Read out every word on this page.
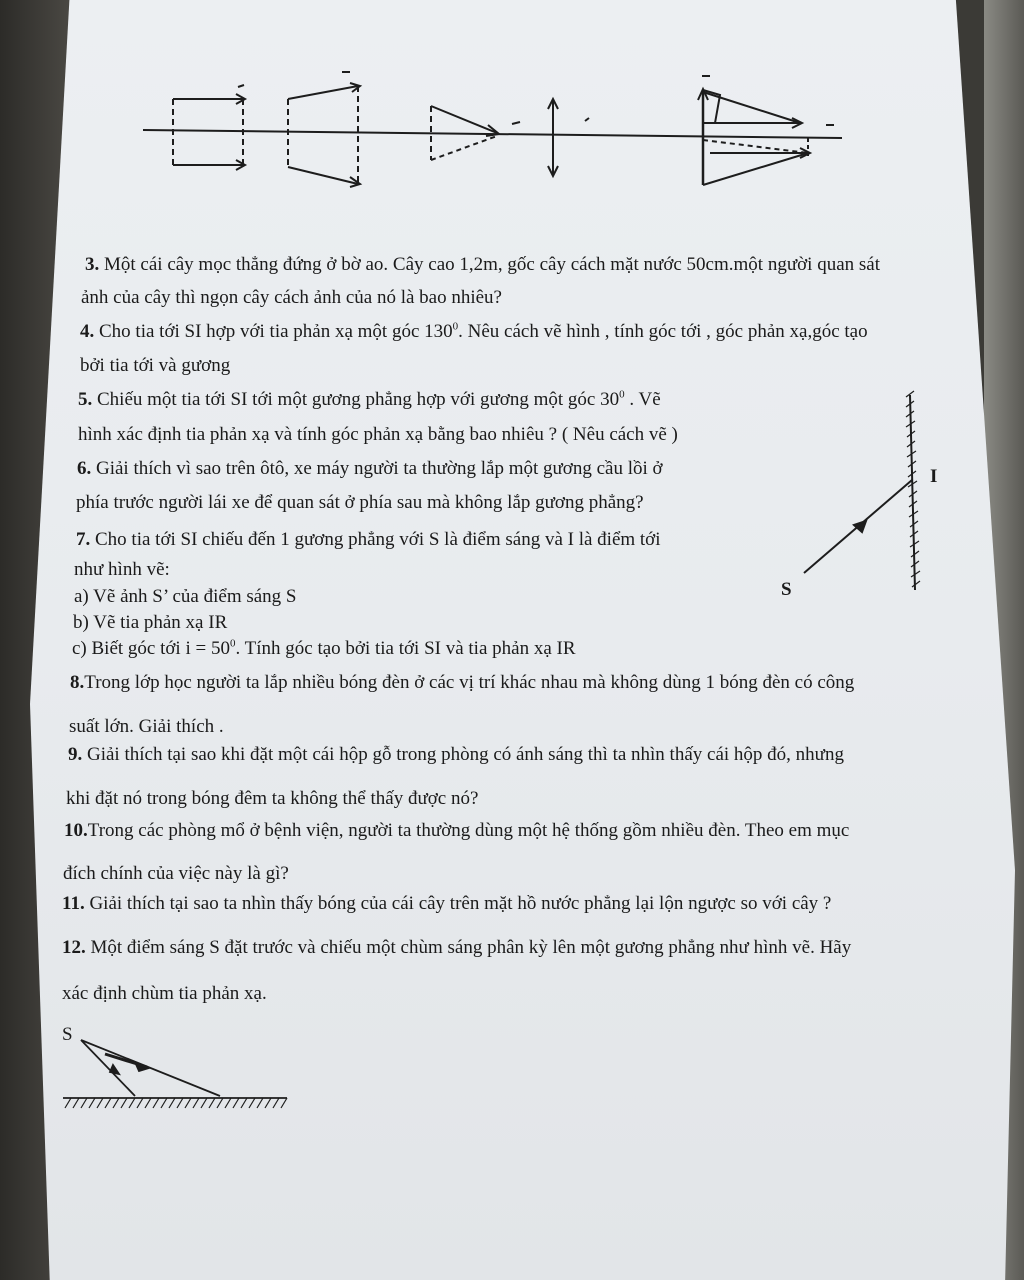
3. Một cái cây mọc thẳng đứng ở bờ ao. Cây cao 1,2m, gốc cây cách mặt nước 50cm.một người quan sát

ảnh của cây thì ngọn cây cách ảnh của nó là bao nhiêu?

4. Cho tia tới SI hợp với tia phản xạ một góc $130^0$. Nêu cách vẽ hình , tính góc tới , góc phản xạ,góc tạo

bởi tia tới và gương

5. Chiếu một tia tới SI tới một gương phẳng hợp với gương một góc $30^0$ . Vẽ

hình xác định tia phản xạ và tính góc phản xạ bằng bao nhiêu ? ( Nêu cách vẽ )

6. Giải thích vì sao trên ôtô, xe máy người ta thường lắp một gương cầu lồi ở

phía trước người lái xe để quan sát ở phía sau mà không lắp gương phẳng?

7. Cho tia tới SI chiếu đến 1 gương phẳng với S là điểm sáng và I là điểm tới

như hình vẽ:

a) Vẽ ảnh S’ của điểm sáng S

b) Vẽ tia phản xạ IR

c) Biết góc tới $i = 50^0$. Tính góc tạo bởi tia tới SI và tia phản xạ IR

I
S

8.Trong lớp học người ta lắp nhiều bóng đèn ở các vị trí khác nhau mà không dùng 1 bóng đèn có công

suất lớn. Giải thích .

9. Giải thích tại sao khi đặt một cái hộp gỗ trong phòng có ánh sáng thì ta nhìn thấy cái hộp đó, nhưng

khi đặt nó trong bóng đêm ta không thể thấy được nó?

10.Trong các phòng mổ ở bệnh viện, người ta thường dùng một hệ thống gồm nhiều đèn. Theo em mục

đích chính của việc này là gì?

11. Giải thích tại sao ta nhìn thấy bóng của cái cây trên mặt hồ nước phẳng lại lộn ngược so với cây ?

12. Một điểm sáng S đặt trước và chiếu một chùm sáng phân kỳ lên một gương phẳng như hình vẽ. Hãy

xác định chùm tia phản xạ.

S
